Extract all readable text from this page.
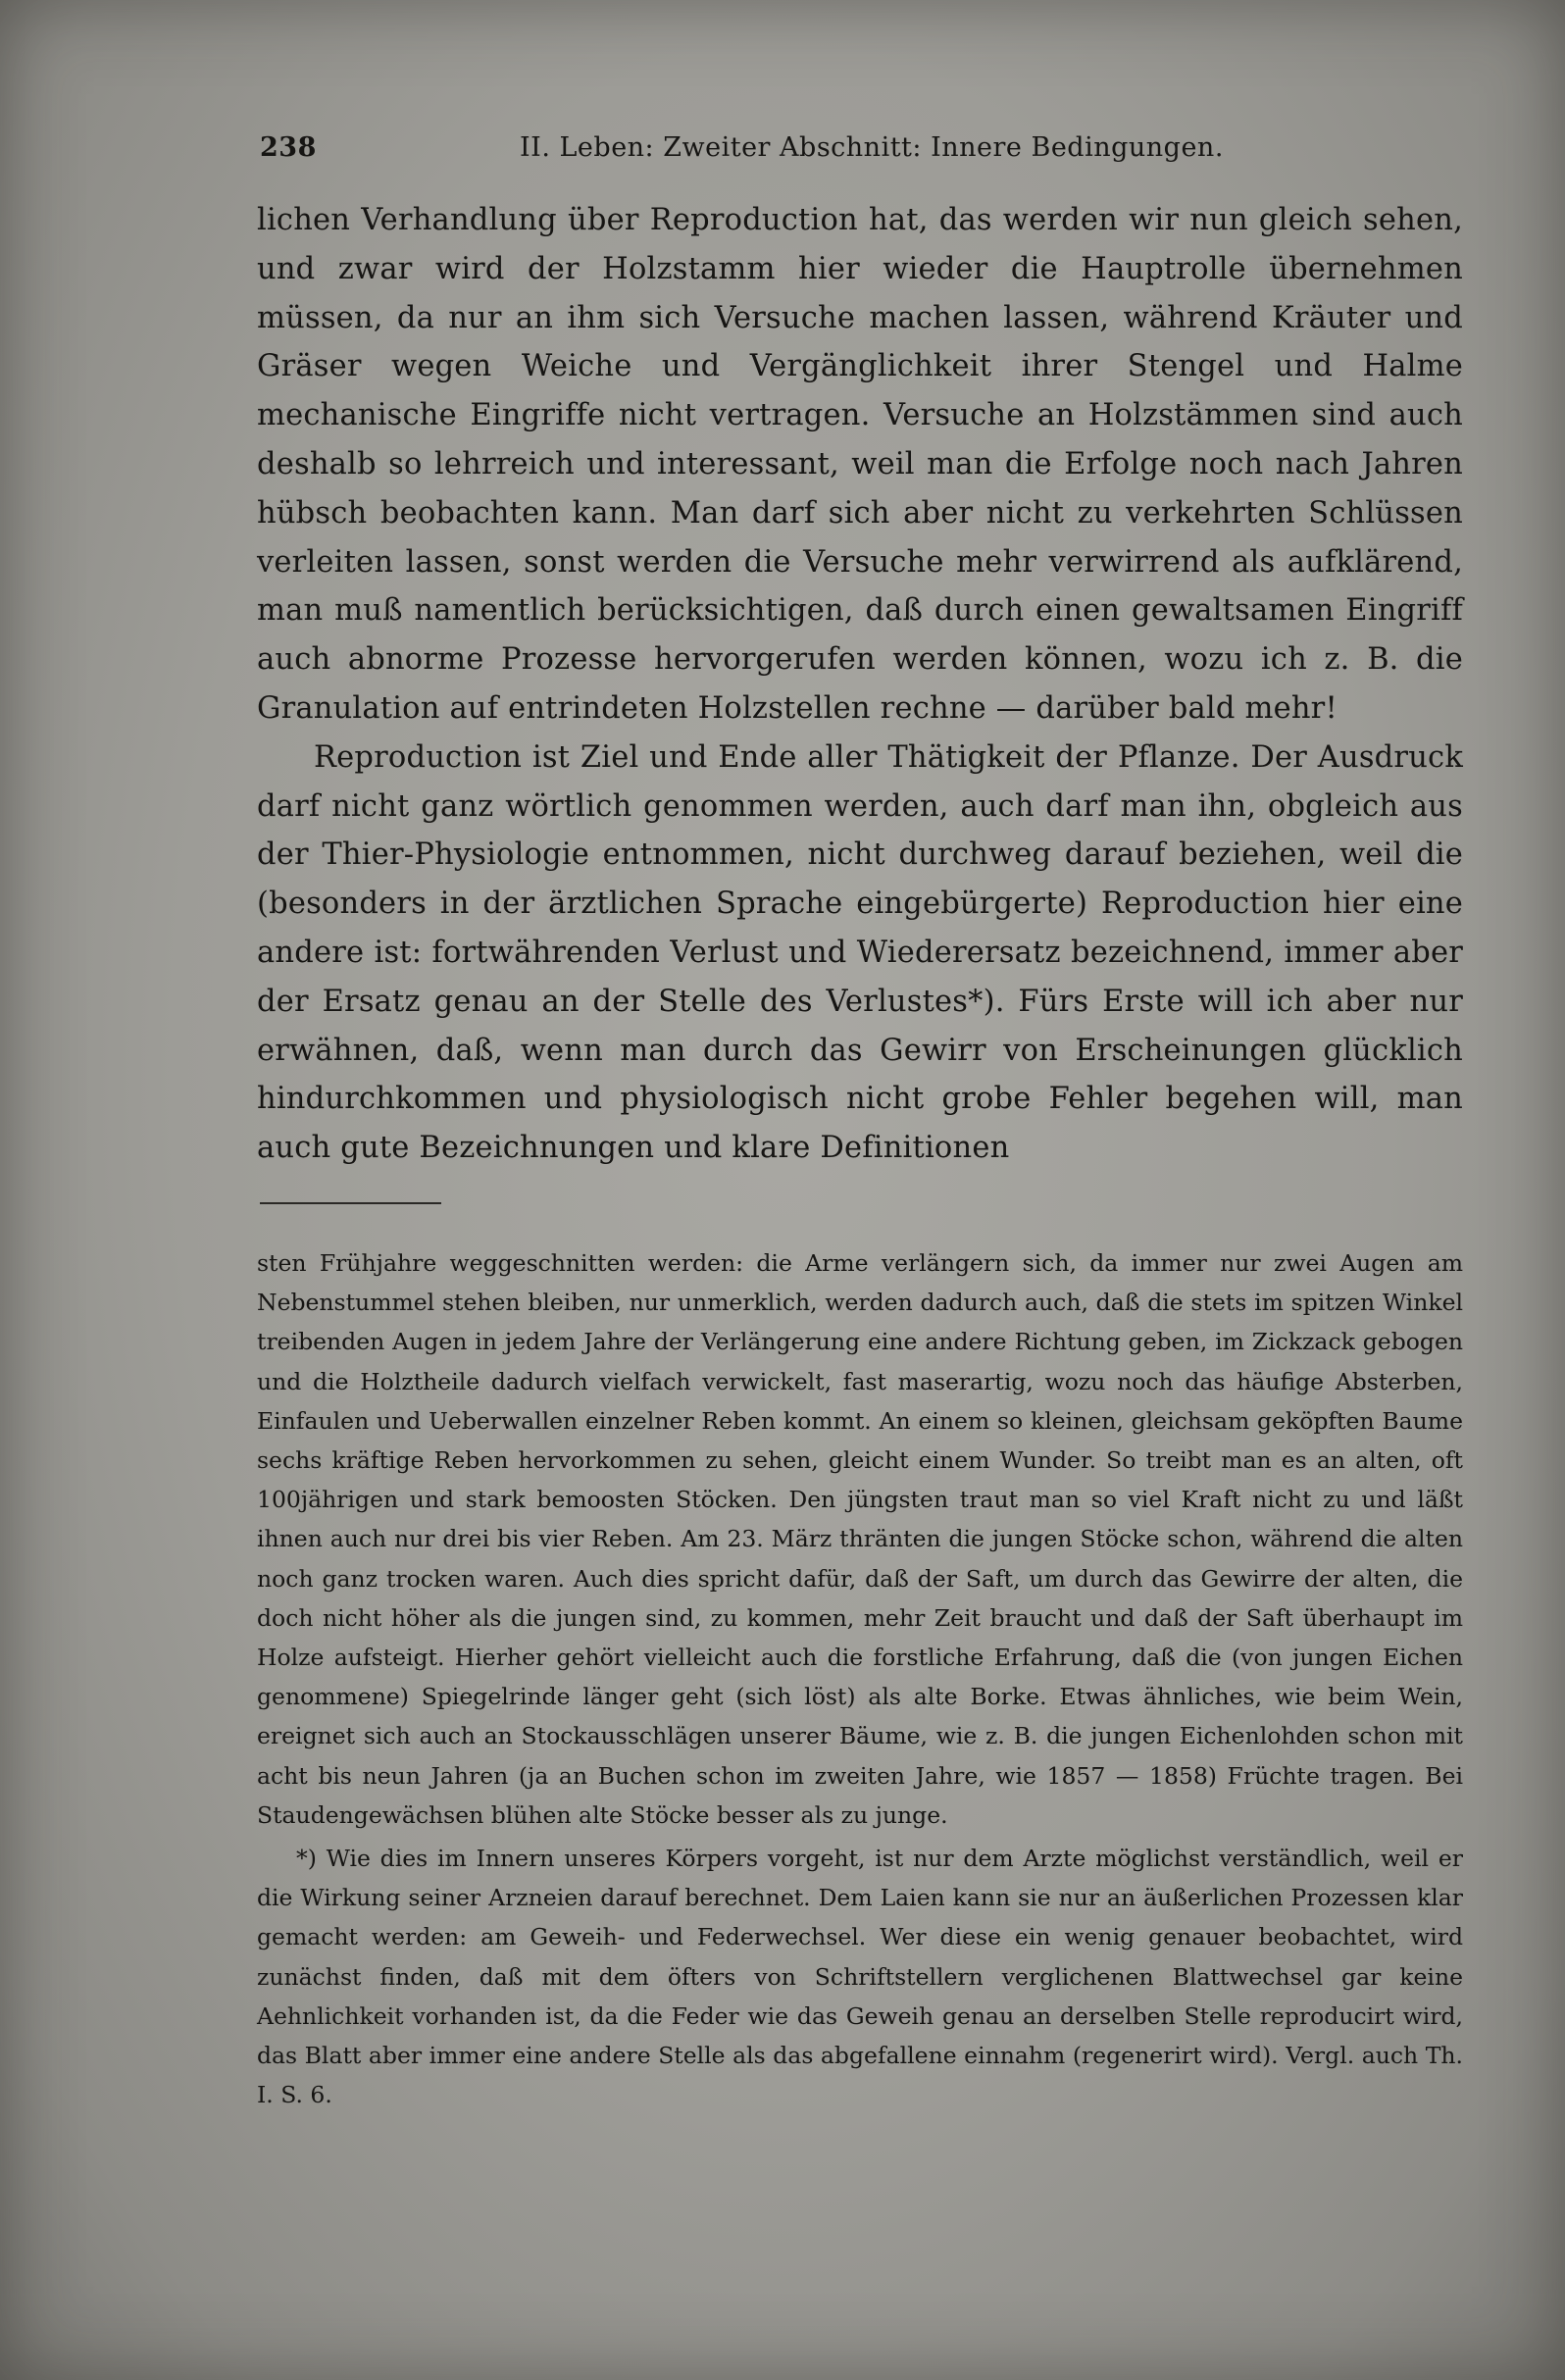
238	II. Leben: Zweiter Abschnitt: Innere Bedingungen.

lichen Verhandlung über Reproduction hat, das werden wir nun gleich sehen, und zwar wird der Holzstamm hier wieder die Hauptrolle übernehmen müssen, da nur an ihm sich Versuche machen lassen, während Kräuter und Gräser wegen Weiche und Vergänglichkeit ihrer Stengel und Halme mechanische Eingriffe nicht vertragen. Versuche an Holzstämmen sind auch deshalb so lehrreich und interessant, weil man die Erfolge noch nach Jahren hübsch beobachten kann. Man darf sich aber nicht zu verkehrten Schlüssen verleiten lassen, sonst werden die Versuche mehr verwirrend als aufklärend, man muß namentlich berücksichtigen, daß durch einen gewaltsamen Eingriff auch abnorme Prozesse hervorgerufen werden können, wozu ich z. B. die Granulation auf entrindeten Holzstellen rechne — darüber bald mehr!

Reproduction ist Ziel und Ende aller Thätigkeit der Pflanze. Der Ausdruck darf nicht ganz wörtlich genommen werden, auch darf man ihn, obgleich aus der Thier-Physiologie entnommen, nicht durchweg darauf beziehen, weil die (besonders in der ärztlichen Sprache eingebürgerte) Reproduction hier eine andere ist: fortwährenden Verlust und Wiederersatz bezeichnend, immer aber der Ersatz genau an der Stelle des Verlustes*). Fürs Erste will ich aber nur erwähnen, daß, wenn man durch das Gewirr von Erscheinungen glücklich hindurchkommen und physiologisch nicht grobe Fehler begehen will, man auch gute Bezeichnungen und klare Definitionen

sten Frühjahre weggeschnitten werden: die Arme verlängern sich, da immer nur zwei Augen am Nebenstummel stehen bleiben, nur unmerklich, werden dadurch auch, daß die stets im spitzen Winkel treibenden Augen in jedem Jahre der Verlängerung eine andere Richtung geben, im Zickzack gebogen und die Holztheile dadurch vielfach verwickelt, fast maserartig, wozu noch das häufige Absterben, Einfaulen und Ueberwallen einzelner Reben kommt. An einem so kleinen, gleichsam geköpften Baume sechs kräftige Reben hervorkommen zu sehen, gleicht einem Wunder. So treibt man es an alten, oft 100jährigen und stark bemoosten Stöcken. Den jüngsten traut man so viel Kraft nicht zu und läßt ihnen auch nur drei bis vier Reben. Am 23. März thränten die jungen Stöcke schon, während die alten noch ganz trocken waren. Auch dies spricht dafür, daß der Saft, um durch das Gewirre der alten, die doch nicht höher als die jungen sind, zu kommen, mehr Zeit braucht und daß der Saft überhaupt im Holze aufsteigt. Hierher gehört vielleicht auch die forstliche Erfahrung, daß die (von jungen Eichen genommene) Spiegelrinde länger geht (sich löst) als alte Borke. Etwas ähnliches, wie beim Wein, ereignet sich auch an Stockausschlägen unserer Bäume, wie z. B. die jungen Eichenlohden schon mit acht bis neun Jahren (ja an Buchen schon im zweiten Jahre, wie 1857 — 1858) Früchte tragen. Bei Staudengewächsen blühen alte Stöcke besser als zu junge.

*) Wie dies im Innern unseres Körpers vorgeht, ist nur dem Arzte möglichst verständlich, weil er die Wirkung seiner Arzneien darauf berechnet. Dem Laien kann sie nur an äußerlichen Prozessen klar gemacht werden: am Geweih- und Federwechsel. Wer diese ein wenig genauer beobachtet, wird zunächst finden, daß mit dem öfters von Schriftstellern verglichenen Blattwechsel gar keine Aehnlichkeit vorhanden ist, da die Feder wie das Geweih genau an derselben Stelle reproducirt wird, das Blatt aber immer eine andere Stelle als das abgefallene einnahm (regenerirt wird). Vergl. auch Th. I. S. 6.
